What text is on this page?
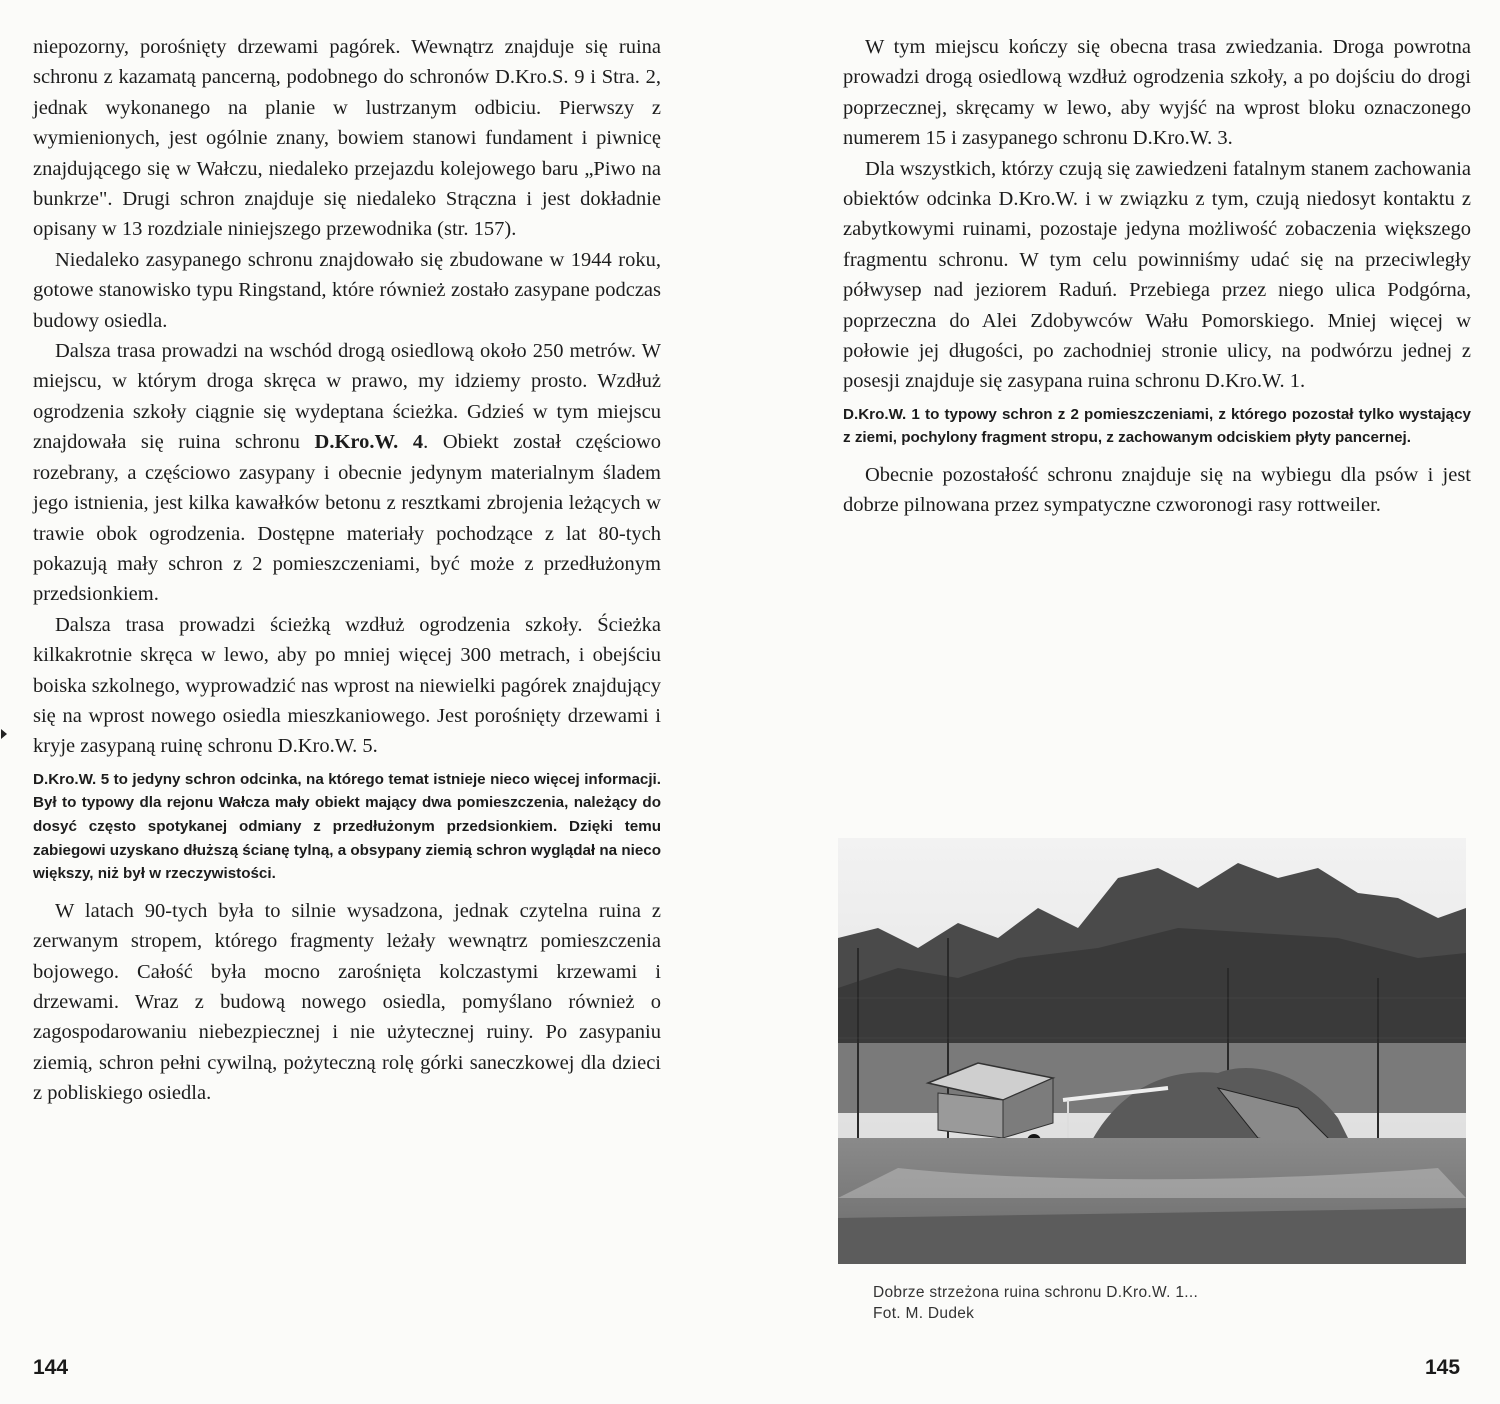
niepozorny, porośnięty drzewami pagórek. Wewnątrz znajduje się ruina schronu z kazamatą pancerną, podobnego do schronów D.Kro.S. 9 i Stra. 2, jednak wykonanego na planie w lustrzanym odbiciu. Pierwszy z wymienionych, jest ogólnie znany, bowiem stanowi fundament i piwnicę znajdującego się w Wałczu, niedaleko przejazdu kolejowego baru „Piwo na bunkrze". Drugi schron znajduje się niedaleko Strączna i jest dokładnie opisany w 13 rozdziale niniejszego przewodnika (str. 157).

Niedaleko zasypanego schronu znajdowało się zbudowane w 1944 roku, gotowe stanowisko typu Ringstand, które również zostało zasypane podczas budowy osiedla.

Dalsza trasa prowadzi na wschód drogą osiedlową około 250 metrów. W miejscu, w którym droga skręca w prawo, my idziemy prosto. Wzdłuż ogrodzenia szkoły ciągnie się wydeptana ścieżka. Gdzieś w tym miejscu znajdowała się ruina schronu D.Kro.W. 4. Obiekt został częściowo rozebrany, a częściowo zasypany i obecnie jedynym materialnym śladem jego istnienia, jest kilka kawałków betonu z resztkami zbrojenia leżących w trawie obok ogrodzenia. Dostępne materiały pochodzące z lat 80-tych pokazują mały schron z 2 pomieszczeniami, być może z przedłużonym przedsionkiem.

Dalsza trasa prowadzi ścieżką wzdłuż ogrodzenia szkoły. Ścieżka kilkakrotnie skręca w lewo, aby po mniej więcej 300 metrach, i obejściu boiska szkolnego, wyprowadzić nas wprost na niewielki pagórek znajdujący się na wprost nowego osiedla mieszkaniowego. Jest porośnięty drzewami i kryje zasypaną ruinę schronu D.Kro.W. 5.

D.Kro.W. 5 to jedyny schron odcinka, na którego temat istnieje nieco więcej informacji. Był to typowy dla rejonu Wałcza mały obiekt mający dwa pomieszczenia, należący do dosyć często spotykanej odmiany z przedłużonym przedsionkiem. Dzięki temu zabiegowi uzyskano dłuższą ścianę tylną, a obsypany ziemią schron wyglądał na nieco większy, niż był w rzeczywistości.

W latach 90-tych była to silnie wysadzona, jednak czytelna ruina z zerwanym stropem, którego fragmenty leżały wewnątrz pomieszczenia bojowego. Całość była mocno zarośnięta kolczastymi krzewami i drzewami. Wraz z budową nowego osiedla, pomyślano również o zagospodarowaniu niebezpiecznej i nie użytecznej ruiny. Po zasypaniu ziemią, schron pełni cywilną, pożyteczną rolę górki saneczkowej dla dzieci z pobliskiego osiedla.

144

W tym miejscu kończy się obecna trasa zwiedzania. Droga powrotna prowadzi drogą osiedlową wzdłuż ogrodzenia szkoły, a po dojściu do drogi poprzecznej, skręcamy w lewo, aby wyjść na wprost bloku oznaczonego numerem 15 i zasypanego schronu D.Kro.W. 3.

Dla wszystkich, którzy czują się zawiedzeni fatalnym stanem zachowania obiektów odcinka D.Kro.W. i w związku z tym, czują niedosyt kontaktu z zabytkowymi ruinami, pozostaje jedyna możliwość zobaczenia większego fragmentu schronu. W tym celu powinniśmy udać się na przeciwległy półwysep nad jeziorem Raduń. Przebiega przez niego ulica Podgórna, poprzeczna do Alei Zdobywców Wału Pomorskiego. Mniej więcej w połowie jej długości, po zachodniej stronie ulicy, na podwórzu jednej z posesji znajduje się zasypana ruina schronu D.Kro.W. 1.

D.Kro.W. 1 to typowy schron z 2 pomieszczeniami, z którego pozostał tylko wystający z ziemi, pochylony fragment stropu, z zachowanym odciskiem płyty pancernej.

Obecnie pozostałość schronu znajduje się na wybiegu dla psów i jest dobrze pilnowana przez sympatyczne czworonogi rasy rottweiler.

Dobrze strzeżona ruina schronu D.Kro.W. 1...
Fot. M. Dudek
145
